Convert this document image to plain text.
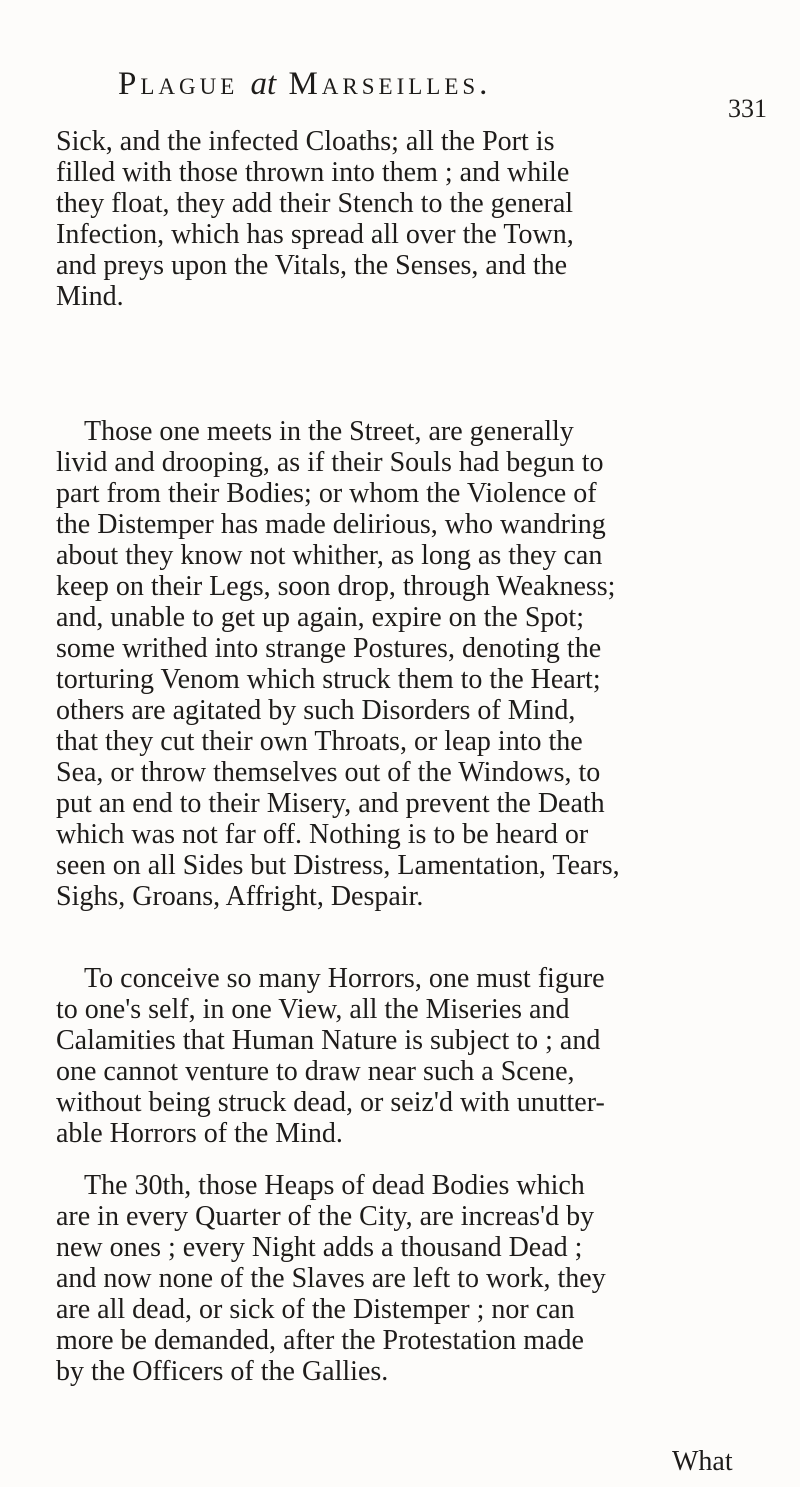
Plague at Marseilles.
331
Sick, and the infected Cloaths; all the Port is
filled with those thrown into them ; and while
they float, they add their Stench to the general
Infection, which has spread all over the Town,
and preys upon the Vitals, the Senses, and the
Mind.
Those one meets in the Street, are generally
livid and drooping, as if their Souls had begun to
part from their Bodies; or whom the Violence of
the Distemper has made delirious, who wandring
about they know not whither, as long as they can
keep on their Legs, soon drop, through Weakness;
and, unable to get up again, expire on the Spot;
some writhed into strange Postures, denoting the
torturing Venom which struck them to the Heart;
others are agitated by such Disorders of Mind,
that they cut their own Throats, or leap into the
Sea, or throw themselves out of the Windows, to
put an end to their Misery, and prevent the Death
which was not far off. Nothing is to be heard or
seen on all Sides but Distress, Lamentation, Tears,
Sighs, Groans, Affright, Despair.
To conceive so many Horrors, one must figure
to one's self, in one View, all the Miseries and
Calamities that Human Nature is subject to ; and
one cannot venture to draw near such a Scene,
without being struck dead, or seiz'd with unutter-
able Horrors of the Mind.
The 30th, those Heaps of dead Bodies which
are in every Quarter of the City, are increas'd by
new ones ; every Night adds a thousand Dead ;
and now none of the Slaves are left to work, they
are all dead, or sick of the Distemper ; nor can
more be demanded, after the Protestation made
by the Officers of the Gallies.
What
